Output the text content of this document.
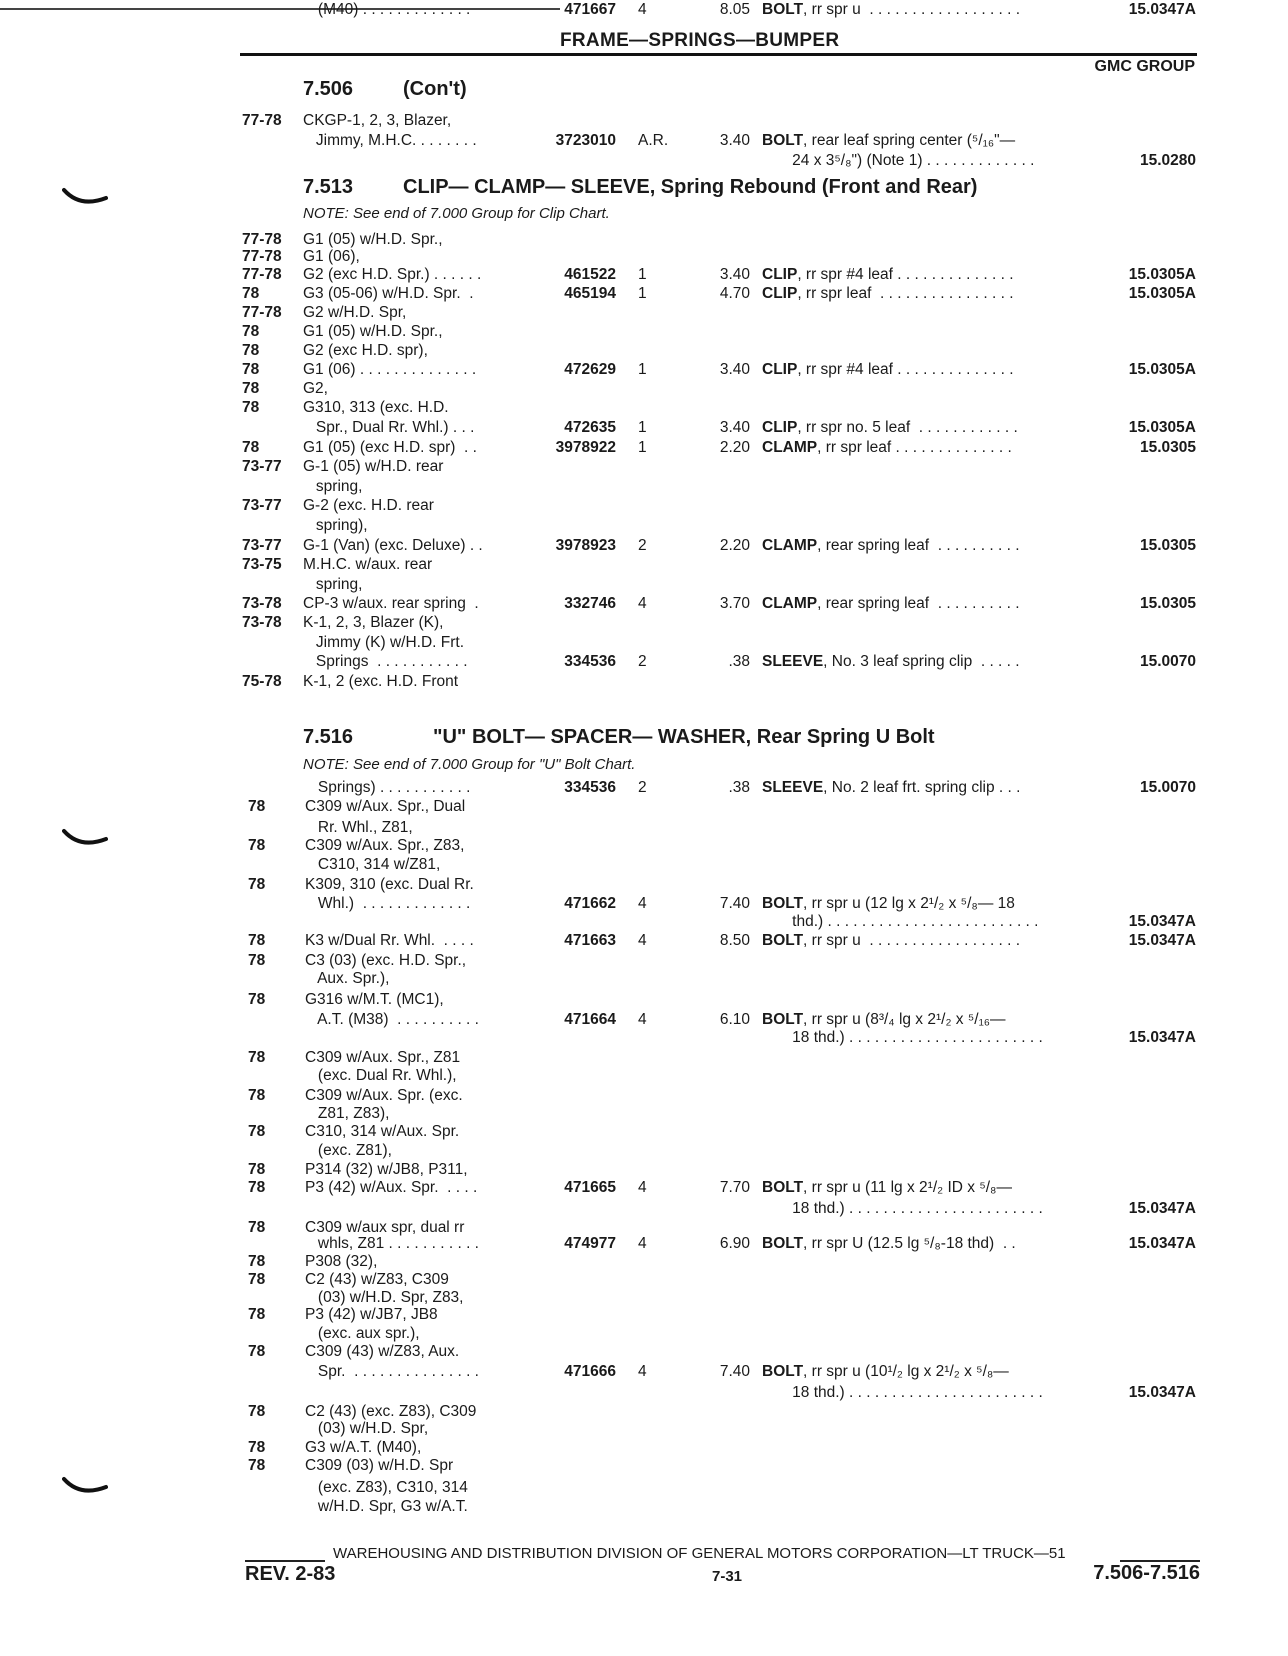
FRAME—SPRINGS—BUMPER
GMC GROUP
7.506 (Con't)
7.513 CLIP— CLAMP— SLEEVE, Spring Rebound (Front and Rear)
NOTE: See end of 7.000 Group for Clip Chart.
7.516	"U" BOLT— SPACER— WASHER, Rear Spring U Bolt
NOTE: See end of 7.000 Group for "U" Bolt Chart.
77-78 CKGP-1, 2, 3, Blazer,
Jimmy, M.H.C. . . . . . . .	3723010 A.R.	3.40 BOLT, rear leaf spring center (⁵/₁₆"—
24 x 3⁵/₈") (Note 1) . . . . . . . . . . . . .	15.0280
77-78 G1 (05) w/H.D. Spr.,
77-78 G1 (06),
77-78 G2 (exc H.D. Spr.) . . . . . .	461522 1	3.40 CLIP, rr spr #4 leaf . . . . . . . . . . . . . .	15.0305A
78	G3 (05-06) w/H.D. Spr.  .	465194 1	4.70 CLIP, rr spr leaf  . . . . . . . . . . . . . . . .	15.0305A
77-78 G2 w/H.D. Spr,
78	G1 (05) w/H.D. Spr.,
78	G2 (exc H.D. spr),
78	G1 (06) . . . . . . . . . . . . . .	472629 1	3.40 CLIP, rr spr #4 leaf . . . . . . . . . . . . . .	15.0305A
78	G2,
78	G310, 313 (exc. H.D.
Spr., Dual Rr. Whl.) . . .	472635 1	3.40 CLIP, rr spr no. 5 leaf  . . . . . . . . . . . .	15.0305A
78	G1 (05) (exc H.D. spr)  . .	3978922 1	2.20 CLAMP, rr spr leaf . . . . . . . . . . . . . .	15.0305
73-77 G-1 (05) w/H.D. rear
spring,
73-77 G-2 (exc. H.D. rear
spring),
73-77 G-1 (Van) (exc. Deluxe) . .	3978923 2	2.20 CLAMP, rear spring leaf  . . . . . . . . . .	15.0305
73-75 M.H.C. w/aux. rear
spring,
73-78 CP-3 w/aux. rear spring  .	332746 4	3.70 CLAMP, rear spring leaf  . . . . . . . . . .	15.0305
73-78 K-1, 2, 3, Blazer (K),
Jimmy (K) w/H.D. Frt.
Springs  . . . . . . . . . . .	334536 2	.38 SLEEVE, No. 3 leaf spring clip  . . . . .	15.0070
75-78 K-1, 2 (exc. H.D. Front
Springs) . . . . . . . . . . .	334536 2	.38 SLEEVE, No. 2 leaf frt. spring clip . . .	15.0070
78	C309 w/Aux. Spr., Dual
Rr. Whl., Z81,
78	C309 w/Aux. Spr., Z83,
C310, 314 w/Z81,
78	K309, 310 (exc. Dual Rr.
Whl.)  . . . . . . . . . . . . .	471662 4	7.40 BOLT, rr spr u (12 lg x 2¹/₂ x ⁵/₈— 18
thd.) . . . . . . . . . . . . . . . . . . . . . . . . .	15.0347A
78	K3 w/Dual Rr. Whl.  . . . .	471663 4	8.50 BOLT, rr spr u  . . . . . . . . . . . . . . . . . .	15.0347A
78	C3 (03) (exc. H.D. Spr.,
Aux. Spr.),
78	G316 w/M.T. (MC1),
A.T. (M38)  . . . . . . . . . .	471664 4	6.10 BOLT, rr spr u (8³/₄ lg x 2¹/₂ x ⁵/₁₆—
18 thd.) . . . . . . . . . . . . . . . . . . . . . . .	15.0347A
78	C309 w/Aux. Spr., Z81
(exc. Dual Rr. Whl.),
78	C309 w/Aux. Spr. (exc.
Z81, Z83),
78	C310, 314 w/Aux. Spr.
(exc. Z81),
78	P314 (32) w/JB8, P311,
78	P3 (42) w/Aux. Spr.  . . . .	471665 4	7.70 BOLT, rr spr u (11 lg x 2¹/₂ ID x ⁵/₈—
18 thd.) . . . . . . . . . . . . . . . . . . . . . . .	15.0347A
78	C309 w/aux spr, dual rr
whls, Z81 . . . . . . . . . . .	474977 4	6.90 BOLT, rr spr U (12.5 lg ⁵/₈-18 thd)  . .	15.0347A
78	P308 (32),
78	C2 (43) w/Z83, C309
(03) w/H.D. Spr, Z83,
78	P3 (42) w/JB7, JB8
(exc. aux spr.),
78	C309 (43) w/Z83, Aux.
Spr.  . . . . . . . . . . . . . . .	471666 4	7.40 BOLT, rr spr u (10¹/₂ lg x 2¹/₂ x ⁵/₈—
18 thd.) . . . . . . . . . . . . . . . . . . . . . . .	15.0347A
78	C2 (43) (exc. Z83), C309
(03) w/H.D. Spr,
78	G3 w/A.T. (M40),
78	C309 (03) w/H.D. Spr
(exc. Z83), C310, 314
w/H.D. Spr, G3 w/A.T.
(M40) . . . . . . . . . . . . .	471667 4	8.05 BOLT, rr spr u  . . . . . . . . . . . . . . . . . .	15.0347A
WAREHOUSING AND DISTRIBUTION DIVISION OF GENERAL MOTORS CORPORATION—LT TRUCK—51
REV. 2-83	7-31	7.506-7.516
